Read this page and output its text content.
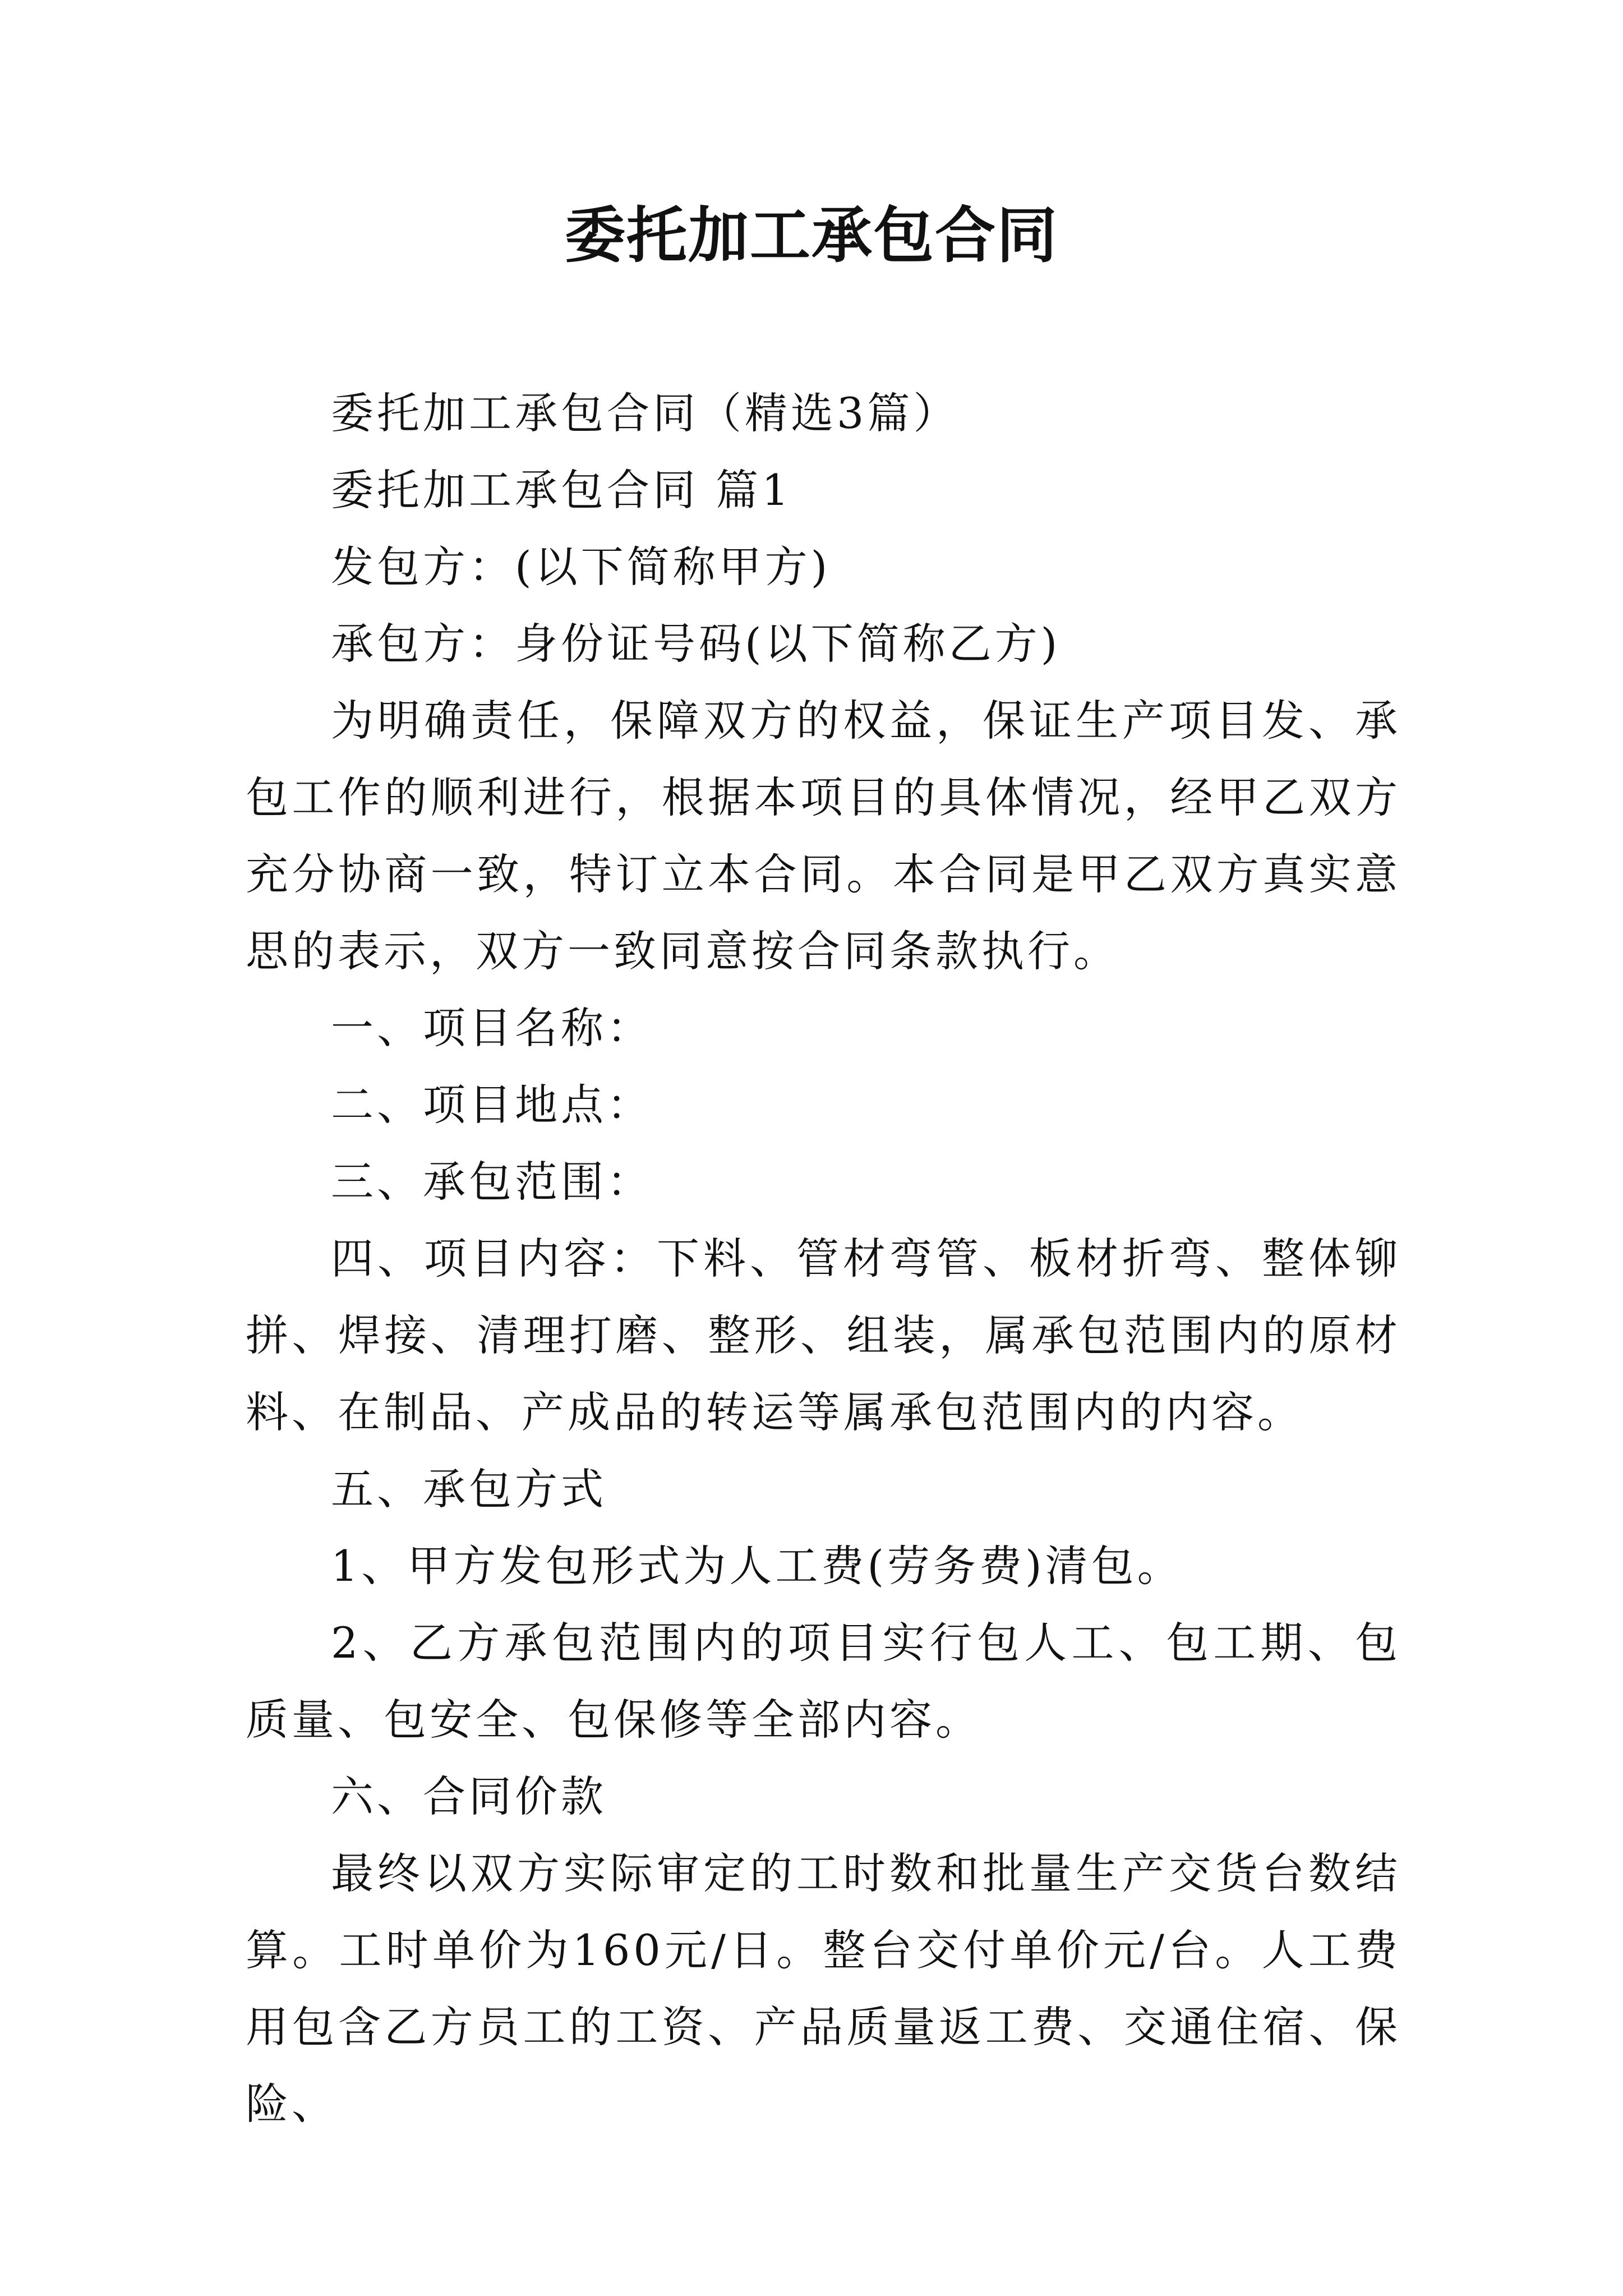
委托加工承包合同

委托加工承包合同（精选3篇）

委托加工承包合同 篇1

发包方：(以下简称甲方)

承包方：身份证号码(以下简称乙方)

为明确责任，保障双方的权益，保证生产项目发、承包工作的顺利进行，根据本项目的具体情况，经甲乙双方充分协商一致，特订立本合同。本合同是甲乙双方真实意思的表示，双方一致同意按合同条款执行。

一、项目名称：

二、项目地点：

三、承包范围：

四、项目内容：下料、管材弯管、板材折弯、整体铆拼、焊接、清理打磨、整形、组装，属承包范围内的原材料、在制品、产成品的转运等属承包范围内的内容。

五、承包方式

1、甲方发包形式为人工费(劳务费)清包。

2、乙方承包范围内的项目实行包人工、包工期、包质量、包安全、包保修等全部内容。

六、合同价款

最终以双方实际审定的工时数和批量生产交货台数结算。工时单价为160元/日。整台交付单价元/台。人工费用包含乙方员工的工资、产品质量返工费、交通住宿、保险、
